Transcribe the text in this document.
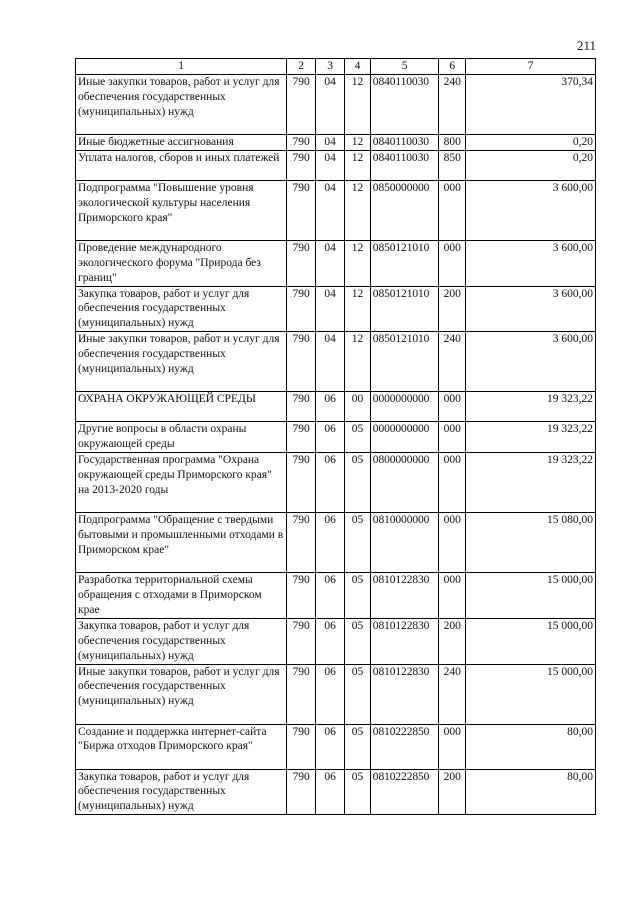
211
1	2	3	4	5	6	7
Иные закупки товаров, работ и услуг для обеспечения государственных (муниципальных) нужд	790	04	12	0840110030	240	370,34
Иные бюджетные ассигнования	790	04	12	0840110030	800	0,20
Уплата налогов, сборов и иных платежей	790	04	12	0840110030	850	0,20
Подпрограмма "Повышение уровня экологической культуры населения Приморского края"	790	04	12	0850000000	000	3 600,00
Проведение международного экологического форума "Природа без границ"	790	04	12	0850121010	000	3 600,00
Закупка товаров, работ и услуг для обеспечения государственных (муниципальных) нужд	790	04	12	0850121010	200	3 600,00
Иные закупки товаров, работ и услуг для обеспечения государственных (муниципальных) нужд	790	04	12	0850121010	240	3 600,00
ОХРАНА ОКРУЖАЮЩЕЙ СРЕДЫ	790	06	00	0000000000	000	19 323,22
Другие вопросы в области охраны окружающей среды	790	06	05	0000000000	000	19 323,22
Государственная программа "Охрана окружающей среды Приморского края" на 2013-2020 годы	790	06	05	0800000000	000	19 323,22
Подпрограмма "Обращение с твердыми бытовыми и промышленными отходами в Приморском крае"	790	06	05	0810000000	000	15 080,00
Разработка территориальной схемы обращения с отходами в Приморском крае	790	06	05	0810122830	000	15 000,00
Закупка товаров, работ и услуг для обеспечения государственных (муниципальных) нужд	790	06	05	0810122830	200	15 000,00
Иные закупки товаров, работ и услуг для обеспечения государственных (муниципальных) нужд	790	06	05	0810122830	240	15 000,00
Создание и поддержка интернет-сайта "Биржа отходов Приморского края"	790	06	05	0810222850	000	80,00
Закупка товаров, работ и услуг для обеспечения государственных (муниципальных) нужд	790	06	05	0810222850	200	80,00
